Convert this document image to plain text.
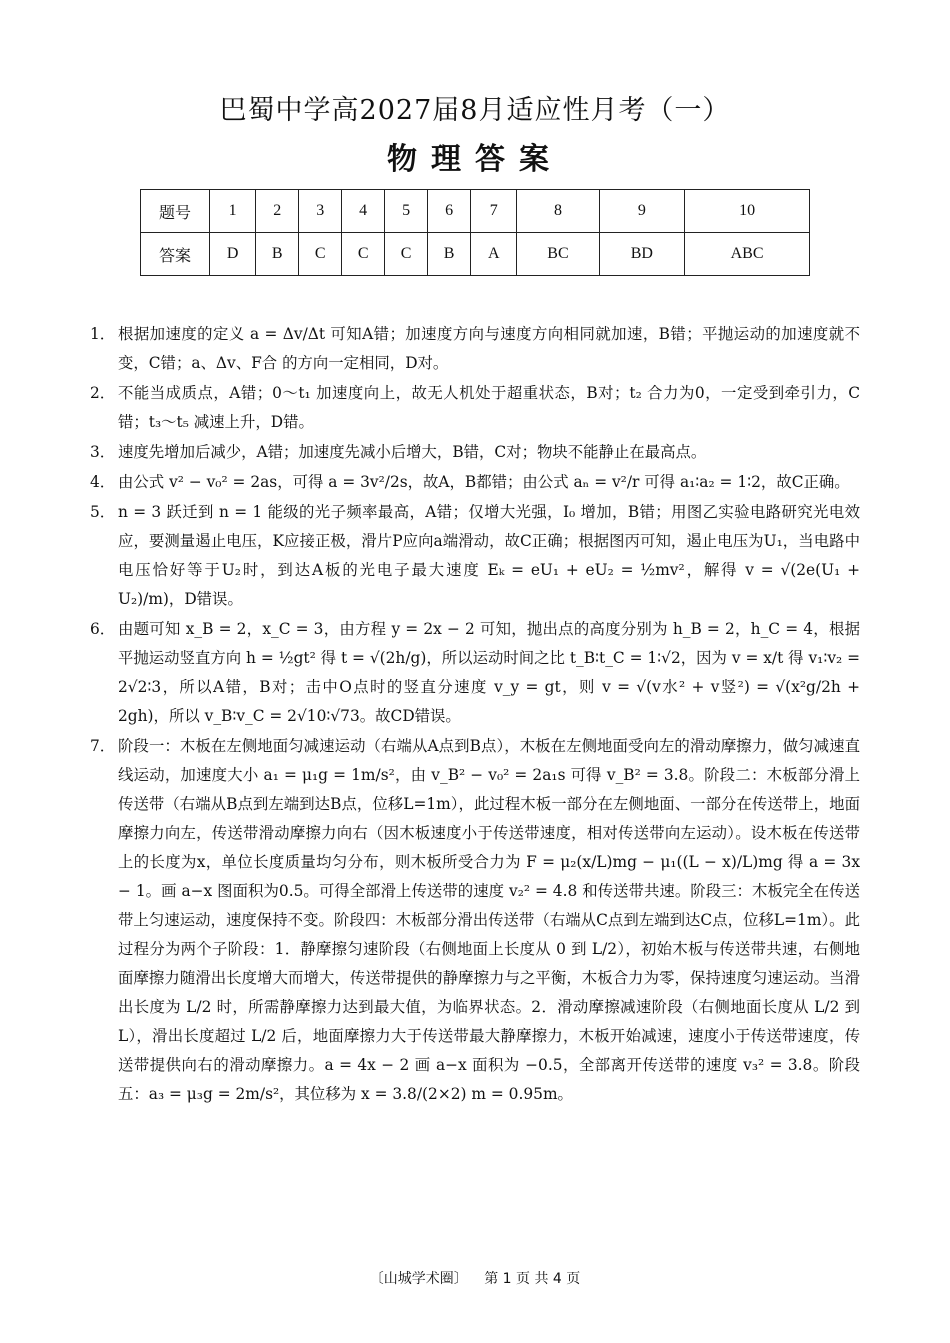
巴蜀中学高2027届8月适应性月考（一）
物理答案
题号	1	2	3	4	5	6	7	8	9	10
答案	D	B	C	C	C	B	A	BC	BD	ABC
1． 根据加速度的定义 a = Δv/Δt 可知A错；加速度方向与速度方向相同就加速，B错；平抛运动的加速度就不变，C错；a、Δv、F合 的方向一定相同，D对。
2． 不能当成质点，A错；0～t₁ 加速度向上，故无人机处于超重状态，B对；t₂ 合力为0，一定受到牵引力，C错；t₃～t₅ 减速上升，D错。
3． 速度先增加后减少，A错；加速度先减小后增大，B错，C对；物块不能静止在最高点。
4． 由公式 v² − v₀² = 2as，可得 a = 3v²/2s，故A，B都错；由公式 aₙ = v²/r 可得 a₁∶a₂ = 1∶2，故C正确。
5． n = 3 跃迁到 n = 1 能级的光子频率最高，A错；仅增大光强，I₀ 增加，B错；用图乙实验电路研究光电效应，要测量遏止电压，K应接正极，滑片P应向a端滑动，故C正确；根据图丙可知，遏止电压为U₁，当电路中电压恰好等于U₂时，到达A板的光电子最大速度 Eₖ = eU₁ + eU₂ = ½mv²，解得 v = √(2e(U₁ + U₂)/m)，D错误。
6． 由题可知 x_B = 2，x_C = 3，由方程 y = 2x − 2 可知，抛出点的高度分别为 h_B = 2，h_C = 4，根据平抛运动竖直方向 h = ½gt² 得 t = √(2h/g)，所以运动时间之比 t_B∶t_C = 1∶√2，因为 v = x/t 得 v₁∶v₂ = 2√2∶3，所以A错，B对；击中O点时的竖直分速度 v_y = gt，则 v = √(v水² + v竖²) = √(x²g/2h + 2gh)，所以 v_B∶v_C = 2√10∶√73。故CD错误。
7． 阶段一：木板在左侧地面匀减速运动（右端从A点到B点），木板在左侧地面受向左的滑动摩擦力，做匀减速直线运动，加速度大小 a₁ = μ₁g = 1m/s²，由 v_B² − v₀² = 2a₁s 可得 v_B² = 3.8。阶段二：木板部分滑上传送带（右端从B点到左端到达B点，位移L=1m），此过程木板一部分在左侧地面、一部分在传送带上，地面摩擦力向左，传送带滑动摩擦力向右（因木板速度小于传送带速度，相对传送带向左运动）。设木板在传送带上的长度为x，单位长度质量均匀分布，则木板所受合力为 F = μ₂(x/L)mg − μ₁((L − x)/L)mg 得 a = 3x − 1。画 a−x 图面积为0.5。可得全部滑上传送带的速度 v₂² = 4.8 和传送带共速。阶段三：木板完全在传送带上匀速运动，速度保持不变。阶段四：木板部分滑出传送带（右端从C点到左端到达C点，位移L=1m）。此过程分为两个子阶段：1．静摩擦匀速阶段（右侧地面上长度从 0 到 L/2），初始木板与传送带共速，右侧地面摩擦力随滑出长度增大而增大，传送带提供的静摩擦力与之平衡，木板合力为零，保持速度匀速运动。当滑出长度为 L/2 时，所需静摩擦力达到最大值，为临界状态。2．滑动摩擦减速阶段（右侧地面长度从 L/2 到 L），滑出长度超过 L/2 后，地面摩擦力大于传送带最大静摩擦力，木板开始减速，速度小于传送带速度，传送带提供向右的滑动摩擦力。a = 4x − 2 画 a−x 面积为 −0.5，全部离开传送带的速度 v₃² = 3.8。阶段五：a₃ = μ₃g = 2m/s²，其位移为 x = 3.8/(2×2) m = 0.95m。
〔山城学术圈〕 第 1 页 共 4 页
